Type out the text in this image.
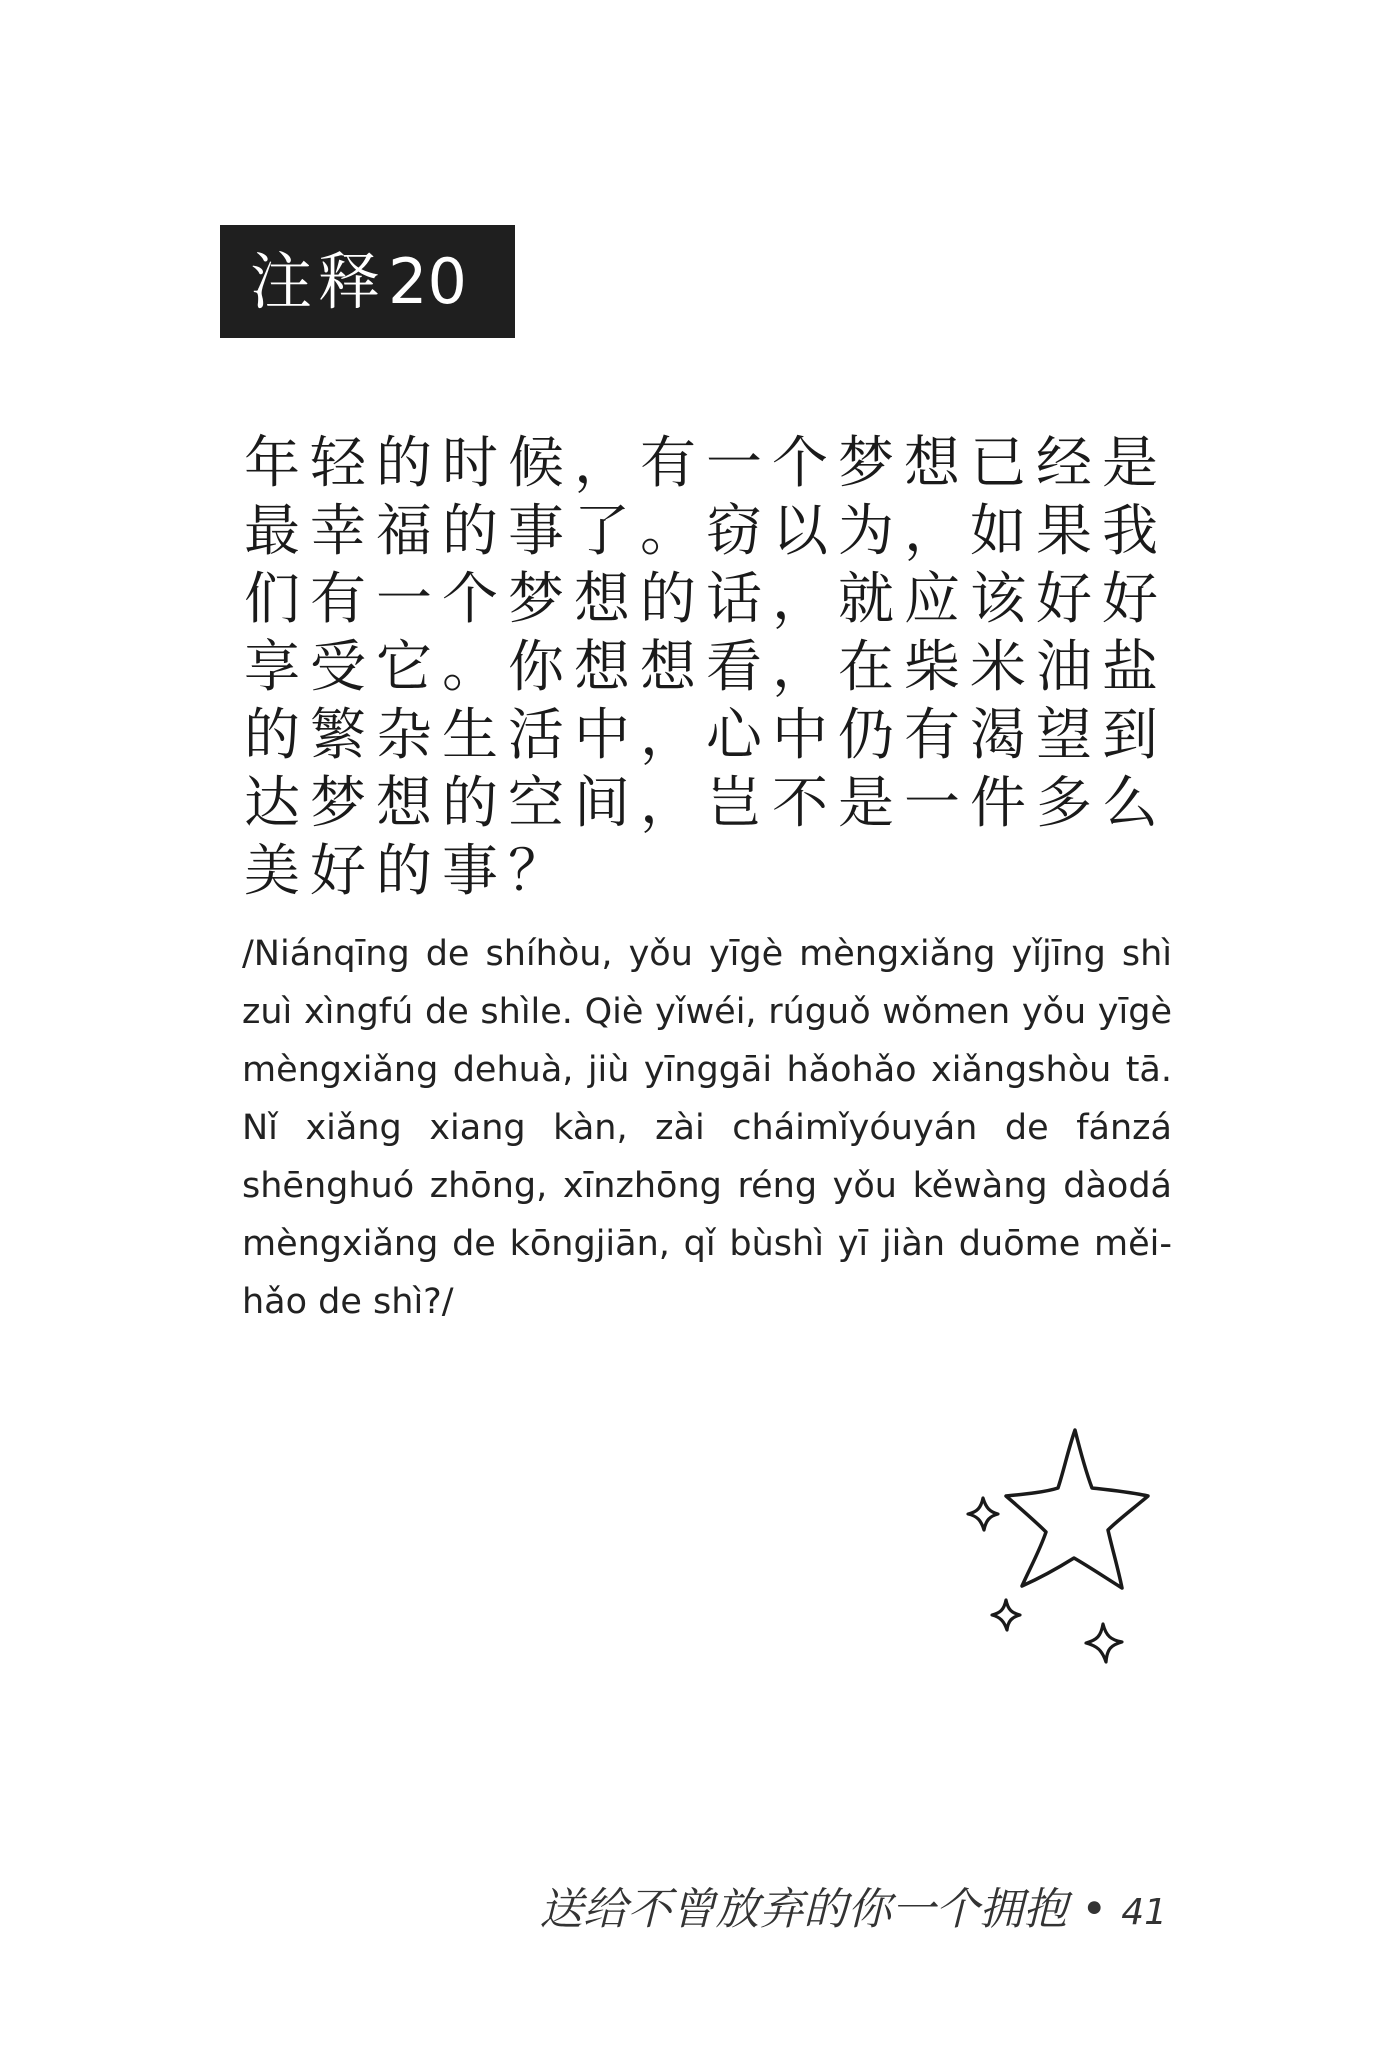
注释 20
年轻的时候，有一个梦想已经是最幸福的事了。窃以为，如果我们有一个梦想的话，就应该好好享受它。你想想看，在柴米油盐的繁杂生活中，心中仍有渴望到达梦想的空间，岂不是一件多么美好的事？
/Niánqīng de shíhòu, yǒu yīgè mèngxiǎng yǐjīng shì zuì xìngfú de shìle. Qiè yǐwéi, rúguǒ wǒmen yǒu yīgè mèngxiǎng dehuà, jiù yīnggāi hǎohǎo xiǎngshòu tā. Nǐ xiǎng xiang kàn, zài cháimǐyóuyán de fánzá shēnghuó zhōng, xīnzhōng réng yǒu kěwàng dàodá mèngxiǎng de kōngjiān, qǐ bùshì yī jiàn duōme měi-hǎo de shì?/
送给不曾放弃的你一个拥抱 • 41
